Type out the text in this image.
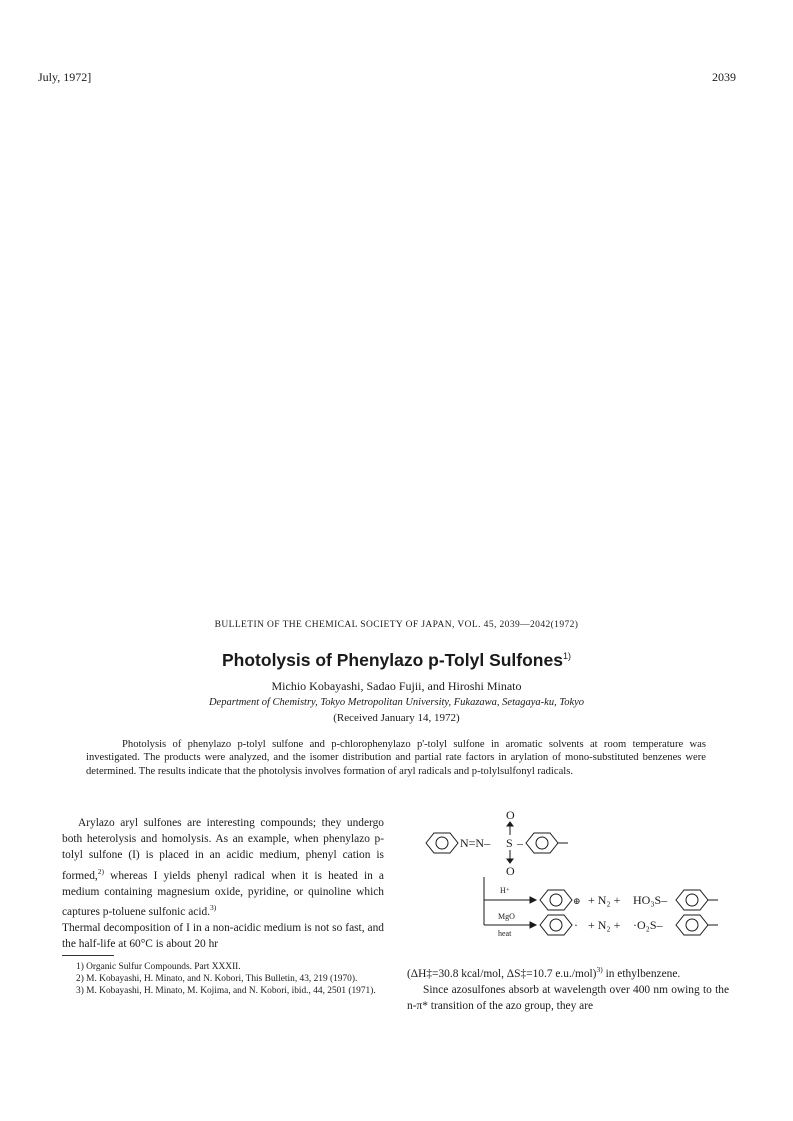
July, 1972]	2039
BULLETIN OF THE CHEMICAL SOCIETY OF JAPAN, VOL. 45, 2039—2042(1972)
Photolysis of Phenylazo p-Tolyl Sulfones$^{1)}$
Michio Kobayashi, Sadao Fujii, and Hiroshi Minato
Department of Chemistry, Tokyo Metropolitan University, Fukazawa, Setagaya-ku, Tokyo
(Received January 14, 1972)

Photolysis of phenylazo p-tolyl sulfone and p-chlorophenylazo p'-tolyl sulfone in aromatic solvents at room temperature was investigated. The products were analyzed, and the isomer distribution and partial rate factors in arylation of mono-substituted benzenes were determined. The results indicate that the photolysis involves formation of aryl radicals and p-tolylsulfonyl radicals.

Arylazo aryl sulfones are interesting compounds; they undergo both heterolysis and homolysis. As an example, when phenylazo p-tolyl sulfone (I) is placed in an acidic medium, phenyl cation is formed,$^{2)}$ whereas I yields phenyl radical when it is heated in a medium containing magnesium oxide, pyridine, or quinoline which captures p-toluene sulfonic acid.$^{3)}$

Thermal decomposition of I in a non-acidic medium is not so fast, and the half-life at 60°C is about 20 hr

1) Organic Sulfur Compounds. Part XXXII.

2) M. Kobayashi, H. Minato, and N. Kobori, This Bulletin, 43, 219 (1970).

3) M. Kobayashi, H. Minato, M. Kojima, and N. Kobori, ibid., 44, 2501 (1971).

N=N– S –
O
O
H⁺
MgO
heat
⊕ + N₂ + HO₃S–
· + N₂ + ·O₂S–

(ΔH‡=30.8 kcal/mol, ΔS‡=10.7 e.u./mol)$^{3)}$ in ethylbenzene.

Since azosulfones absorb at wavelength over 400 nm owing to the n-π* transition of the azo group, they are
